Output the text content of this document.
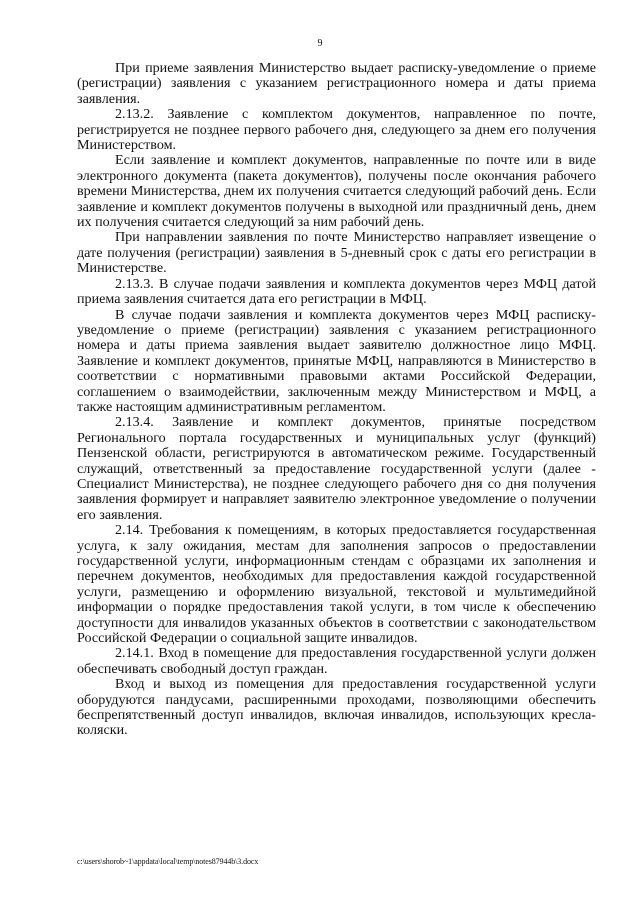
9

При приеме заявления Министерство выдает расписку-уведомление о приеме (регистрации) заявления с указанием регистрационного номера и даты приема заявления.

2.13.2. Заявление с комплектом документов, направленное по почте, регистрируется не позднее первого рабочего дня, следующего за днем его получения Министерством.

Если заявление и комплект документов, направленные по почте или в виде электронного документа (пакета документов), получены после окончания рабочего времени Министерства, днем их получения считается следующий рабочий день. Если заявление и комплект документов получены в выходной или праздничный день, днем их получения считается следующий за ним рабочий день.

При направлении заявления по почте Министерство направляет извещение о дате получения (регистрации) заявления в 5-дневный срок с даты его регистрации в Министерстве.

2.13.3. В случае подачи заявления и комплекта документов через МФЦ датой приема заявления считается дата его регистрации в МФЦ.

В случае подачи заявления и комплекта документов через МФЦ расписку-уведомление о приеме (регистрации) заявления с указанием регистрационного номера и даты приема заявления выдает заявителю должностное лицо МФЦ. Заявление и комплект документов, принятые МФЦ, направляются в Министерство в соответствии с нормативными правовыми актами Российской Федерации, соглашением о взаимодействии, заключенным между Министерством и МФЦ, а также настоящим административным регламентом.

2.13.4. Заявление и комплект документов, принятые посредством Регионального портала государственных и муниципальных услуг (функций) Пензенской области, регистрируются в автоматическом режиме. Государственный служащий, ответственный за предоставление государственной услуги (далее - Специалист Министерства), не позднее следующего рабочего дня со дня получения заявления формирует и направляет заявителю электронное уведомление о получении его заявления.

2.14. Требования к помещениям, в которых предоставляется государственная услуга, к залу ожидания, местам для заполнения запросов о предоставлении государственной услуги, информационным стендам с образцами их заполнения и перечнем документов, необходимых для предоставления каждой государственной услуги, размещению и оформлению визуальной, текстовой и мультимедийной информации о порядке предоставления такой услуги, в том числе к обеспечению доступности для инвалидов указанных объектов в соответствии с законодательством Российской Федерации о социальной защите инвалидов.

2.14.1. Вход в помещение для предоставления государственной услуги должен обеспечивать свободный доступ граждан.

Вход и выход из помещения для предоставления государственной услуги оборудуются пандусами, расширенными проходами, позволяющими обеспечить беспрепятственный доступ инвалидов, включая инвалидов, использующих кресла-коляски.

c:\users\shorob~1\appdata\local\temp\notes87944b\3.docx
